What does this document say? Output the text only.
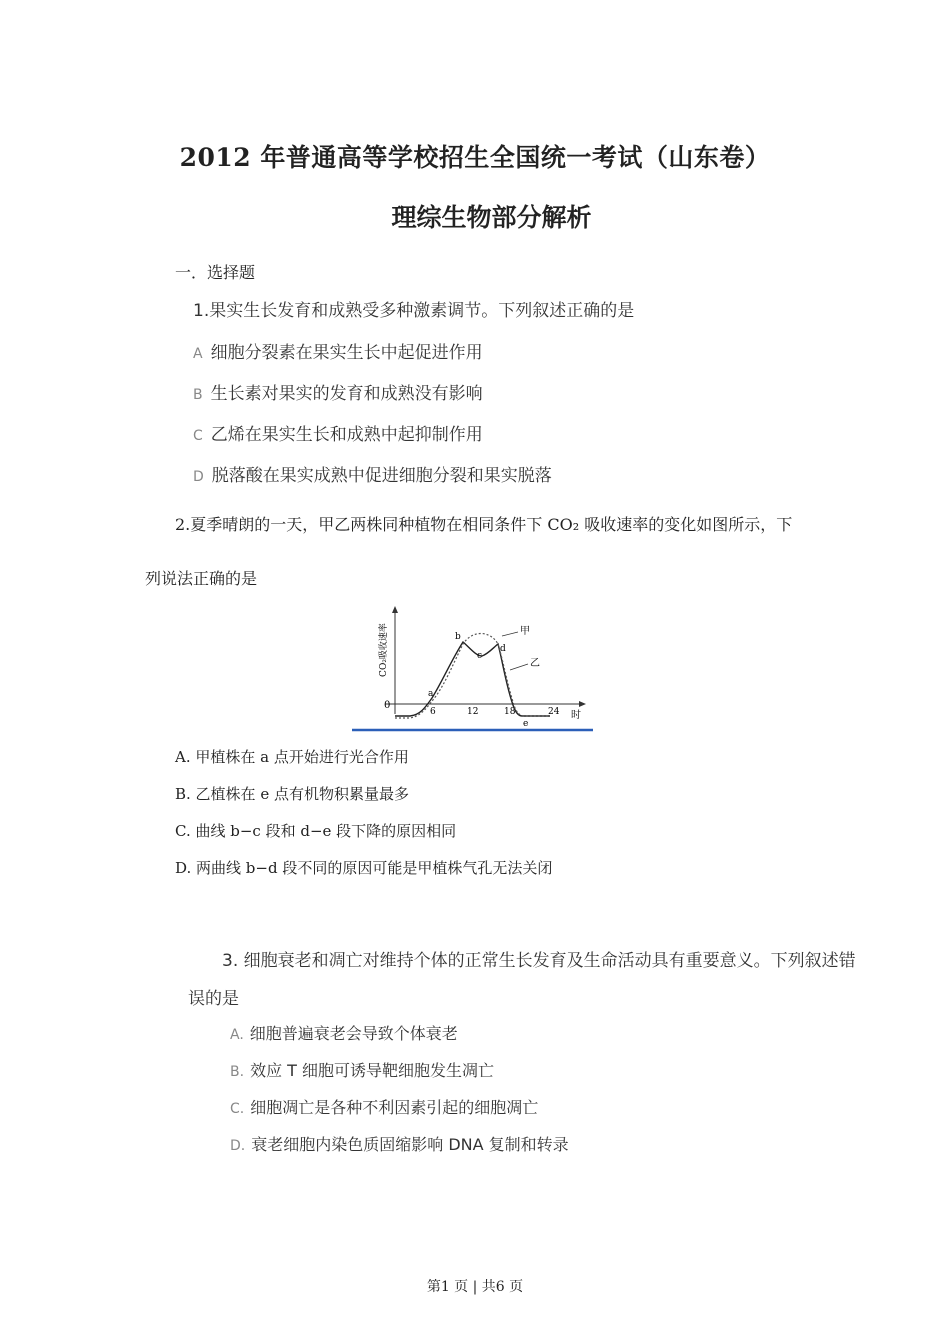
2012 年普通高等学校招生全国统一考试（山东卷）
理综生物部分解析
一．选择题
1.果实生长发育和成熟受多种激素调节。下列叙述正确的是
A 细胞分裂素在果实生长中起促进作用
B 生长素对果实的发育和成熟没有影响
C 乙烯在果实生长和成熟中起抑制作用
D 脱落酸在果实成熟中促进细胞分裂和果实脱落
2.夏季晴朗的一天，甲乙两株同种植物在相同条件下 CO₂ 吸收速率的变化如图所示，下
列说法正确的是
CO₂吸收速率
0
时
6	12	18	24
a
b
c
d
e
甲
乙
A. 甲植株在 a 点开始进行光合作用
B. 乙植株在 e 点有机物积累量最多
C. 曲线 b−c 段和 d−e 段下降的原因相同
D. 两曲线 b−d 段不同的原因可能是甲植株气孔无法关闭
3. 细胞衰老和凋亡对维持个体的正常生长发育及生命活动具有重要意义。下列叙述错
误的是
A. 细胞普遍衰老会导致个体衰老
B. 效应 T 细胞可诱导靶细胞发生凋亡
C. 细胞凋亡是各种不利因素引起的细胞凋亡
D. 衰老细胞内染色质固缩影响 DNA 复制和转录
第1 页 | 共6 页
